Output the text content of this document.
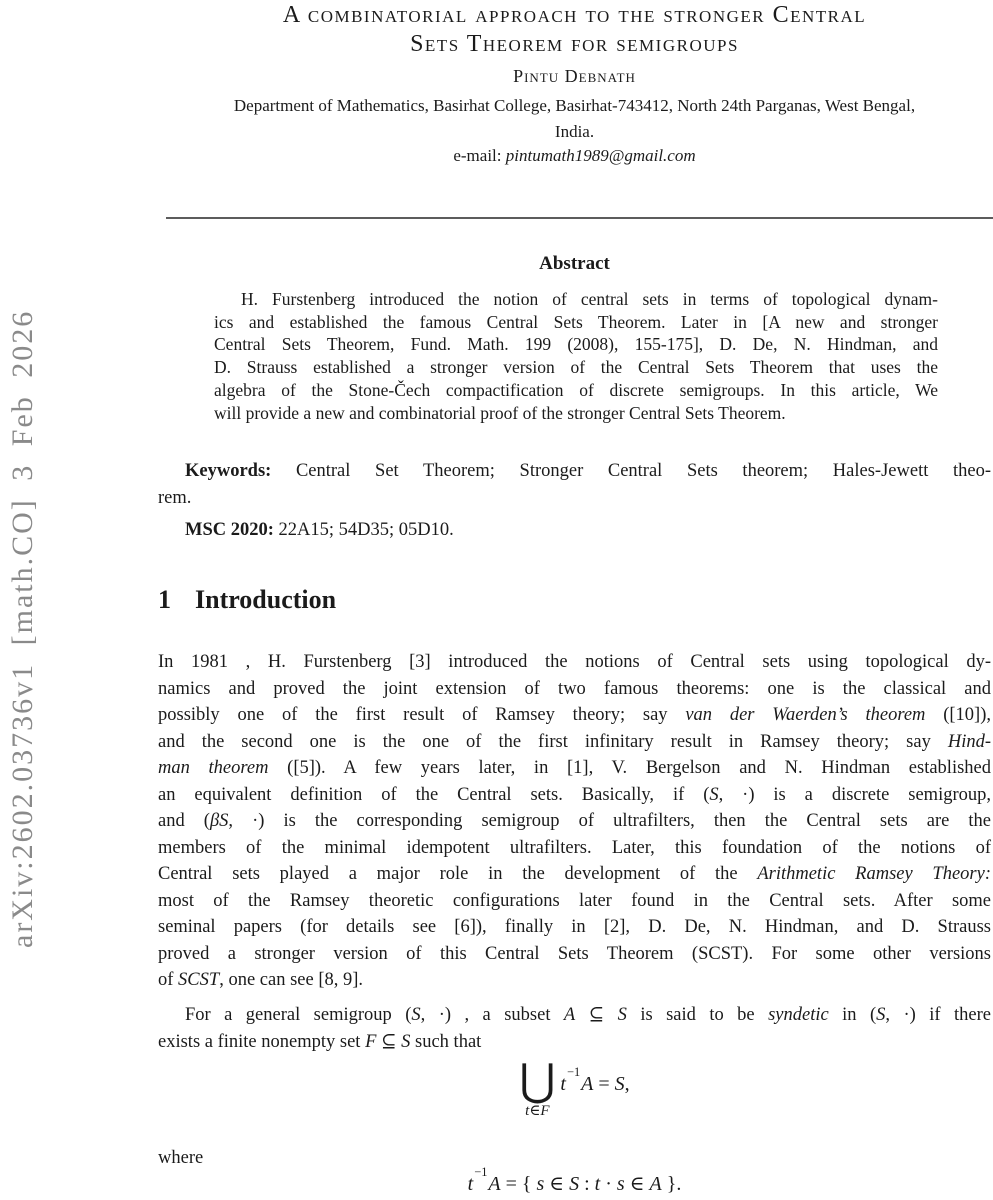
arXiv:2602.03736v1 [math.CO] 3 Feb 2026
A combinatorial approach to the stronger Central
Sets Theorem for semigroups
Pintu Debnath
Department of Mathematics, Basirhat College, Basirhat-743412, North 24th Parganas, West Bengal,
India.
e-mail: pintumath1989@gmail.com
Abstract
H. Furstenberg introduced the notion of central sets in terms of topological dynam-
ics and established the famous Central Sets Theorem. Later in [A new and stronger
Central Sets Theorem, Fund. Math. 199 (2008), 155-175], D. De, N. Hindman, and
D. Strauss established a stronger version of the Central Sets Theorem that uses the
algebra of the Stone-Čech compactification of discrete semigroups. In this article, We
will provide a new and combinatorial proof of the stronger Central Sets Theorem.
Keywords: Central Set Theorem; Stronger Central Sets theorem; Hales-Jewett theo-
rem.
MSC 2020: 22A15; 54D35; 05D10.
1 Introduction
In 1981 , H. Furstenberg [3] introduced the notions of Central sets using topological dy-
namics and proved the joint extension of two famous theorems: one is the classical and
possibly one of the first result of Ramsey theory; say van der Waerden’s theorem ([10]),
and the second one is the one of the first infinitary result in Ramsey theory; say Hind-
man theorem ([5]). A few years later, in [1], V. Bergelson and N. Hindman established
an equivalent definition of the Central sets. Basically, if (S, ·) is a discrete semigroup,
and (βS, ·) is the corresponding semigroup of ultrafilters, then the Central sets are the
members of the minimal idempotent ultrafilters. Later, this foundation of the notions of
Central sets played a major role in the development of the Arithmetic Ramsey Theory:
most of the Ramsey theoretic configurations later found in the Central sets. After some
seminal papers (for details see [6]), finally in [2], D. De, N. Hindman, and D. Strauss
proved a stronger version of this Central Sets Theorem (SCST). For some other versions
of SCST, one can see [8, 9].
For a general semigroup (S, ·) , a subset A ⊆ S is said to be syndetic in (S, ·) if there
exists a finite nonempty set F ⊆ S such that
⋃
t∈F
$t^{-1}A = S$,
where
$t^{-1}A$ = { s ∈ S : t · s ∈ A }.
